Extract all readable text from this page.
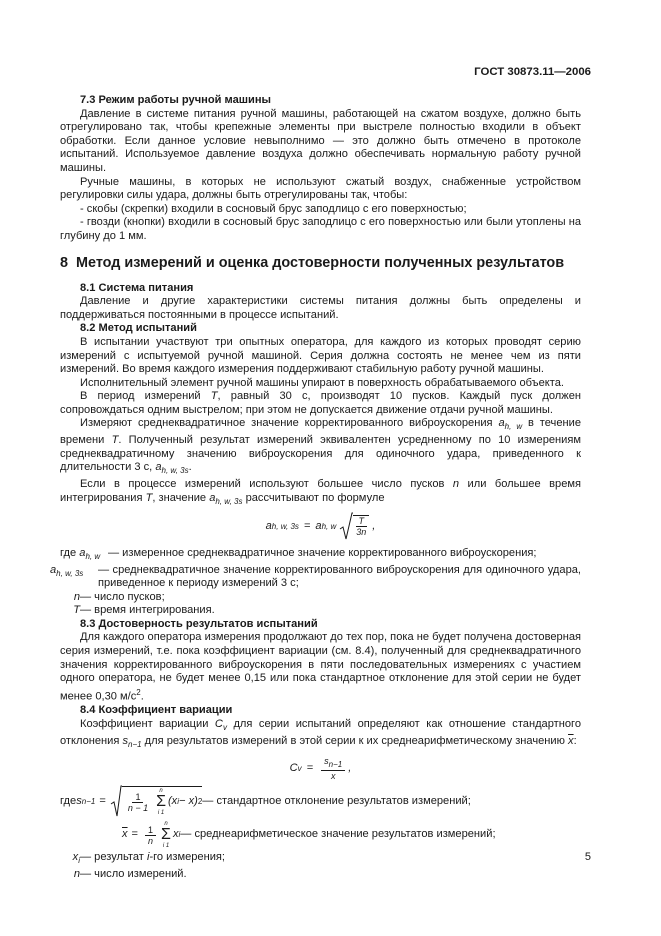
ГОСТ 30873.11—2006

7.3 Режим работы ручной машины

Давление в системе питания ручной машины, работающей на сжатом воздухе, должно быть отрегулировано так, чтобы крепежные элементы при выстреле полностью входили в объект обработки. Если данное условие невыполнимо — это должно быть отмечено в протоколе испытаний. Используемое давление воздуха должно обеспечивать нормальную работу ручной машины.

Ручные машины, в которых не используют сжатый воздух, снабженные устройством регулировки силы удара, должны быть отрегулированы так, чтобы:

- скобы (скрепки) входили в сосновый брус заподлицо с его поверхностью;

- гвозди (кнопки) входили в сосновый брус заподлицо с его поверхностью или были утоплены на глубину до 1 мм.

8 Метод измерений и оценка достоверности полученных результатов

8.1 Система питания

Давление и другие характеристики системы питания должны быть определены и поддерживаться постоянными в процессе испытаний.

8.2 Метод испытаний

В испытании участвуют три опытных оператора, для каждого из которых проводят серию измерений с испытуемой ручной машиной. Серия должна состоять не менее чем из пяти измерений. Во время каждого измерения поддерживают стабильную работу ручной машины.

Исполнительный элемент ручной машины упирают в поверхность обрабатываемого объекта.

В период измерений T, равный 30 с, производят 10 пусков. Каждый пуск должен сопровождаться одним выстрелом; при этом не допускается движение отдачи ручной машины.

Измеряют среднеквадратичное значение корректированного виброускорения $a_{h, w}$ в течение времени T. Полученный результат измерений эквивалентен усредненному по 10 измерениям среднеквадратичному значению виброускорения для одиночного удара, приведенного к длительности 3 с, $a_{h, w, 3s}$.

Если в процессе измерений используют большее число пусков n или большее время интегрирования T, значение $a_{h, w, 3s}$ рассчитывают по формуле

a h, w, 3s = a h, w $\frac{T}{3n}$ ,
где $a_{h, w}$ — измеренное среднеквадратичное значение корректированного виброускорения;
$a_{h, w, 3s}$	— среднеквадратичное значение корректированного виброускорения для одиночного удара, приведенное к периоду измерений 3 с;
n — число пусков;
T — время интегрирования.

8.3 Достоверность результатов испытаний

Для каждого оператора измерения продолжают до тех пор, пока не будет получена достоверная серия измерений, т.е. пока коэффициент вариации (см. 8.4), полученный для среднеквадратичного значения корректированного виброускорения в пяти последовательных измерениях с участием одного оператора, не будет менее 0,15 или пока стандартное отклонение для этой серии не будет менее 0,30 $м/с^2$.

8.4 Коэффициент вариации

Коэффициент вариации $C_v$ для серии испытаний определяют как отношение стандартного отклонения $s_{n-1}$ для результатов измерений в этой серии к их среднеарифметическому значению $\overline{x}$:

C $v = \frac{s_{n-1}}{x}$ ,
где s $n-1 = \frac{1}{n - 1}$
n
Σ
i 1
(x i − x) 2 — стандартное отклонение результатов измерений;
$\overline{x} = \frac{1}{n}$
n
Σ
i 1
x i — среднеарифметическое значение результатов измерений;
$x_i$ — результат i-го измерения;
n — число измерений.
5
